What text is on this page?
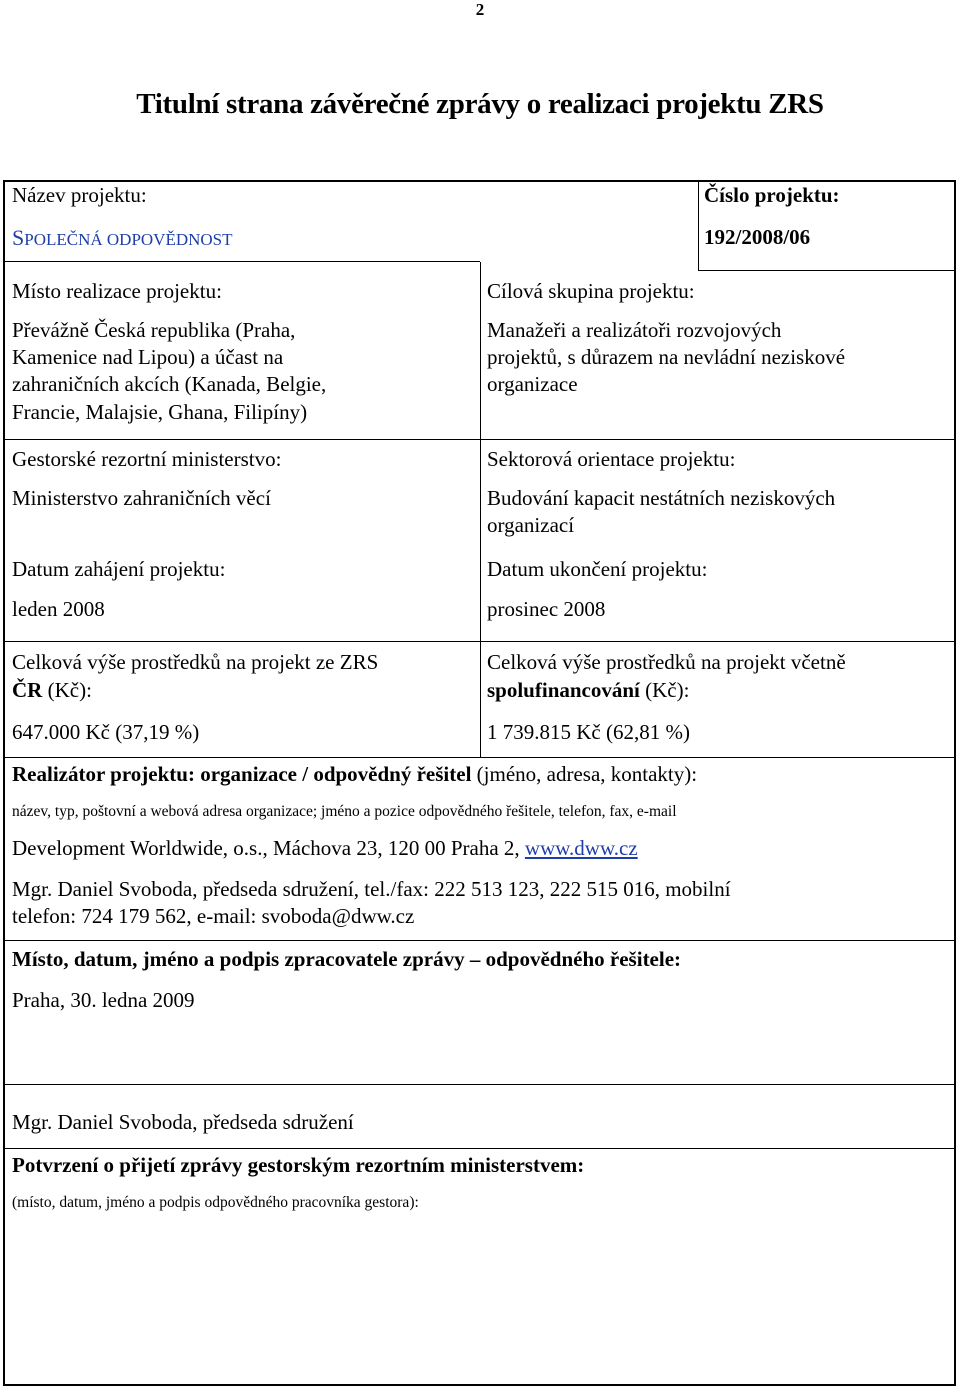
2
Titulní strana závěrečné zprávy o realizaci projektu ZRS
Název projektu:
SPOLEČNÁ ODPOVĚDNOST
Číslo projektu:
192/2008/06
Místo realizace projektu:
Převážně Česká republika (Praha,
Kamenice nad Lipou) a účast na
zahraničních akcích (Kanada, Belgie,
Francie, Malajsie, Ghana, Filipíny)
Cílová skupina projektu:
Manažeři a realizátoři rozvojových
projektů, s důrazem na nevládní neziskové
organizace
Gestorské rezortní ministerstvo:
Ministerstvo zahraničních věcí
Sektorová orientace projektu:
Budování kapacit nestátních neziskových
organizací
Datum zahájení projektu:
leden 2008
Datum ukončení projektu:
prosinec 2008
Celková výše prostředků na projekt ze ZRS
ČR (Kč):
647.000 Kč (37,19 %)
Celková výše prostředků na projekt včetně
spolufinancování (Kč):
1 739.815 Kč (62,81 %)
Realizátor projektu: organizace / odpovědný řešitel (jméno, adresa, kontakty):
název, typ, poštovní a webová adresa organizace; jméno a pozice odpovědného řešitele, telefon, fax, e-mail
Development Worldwide, o.s., Máchova 23, 120 00 Praha 2, www.dww.cz
Mgr. Daniel Svoboda, předseda sdružení, tel./fax: 222 513 123, 222 515 016, mobilní
telefon: 724 179 562, e-mail: svoboda@dww.cz
Místo, datum, jméno a podpis zpracovatele zprávy – odpovědného řešitele:
Praha, 30. ledna 2009
Mgr. Daniel Svoboda, předseda sdružení
Potvrzení o přijetí zprávy gestorským rezortním ministerstvem:
(místo, datum, jméno a podpis odpovědného pracovníka gestora):
